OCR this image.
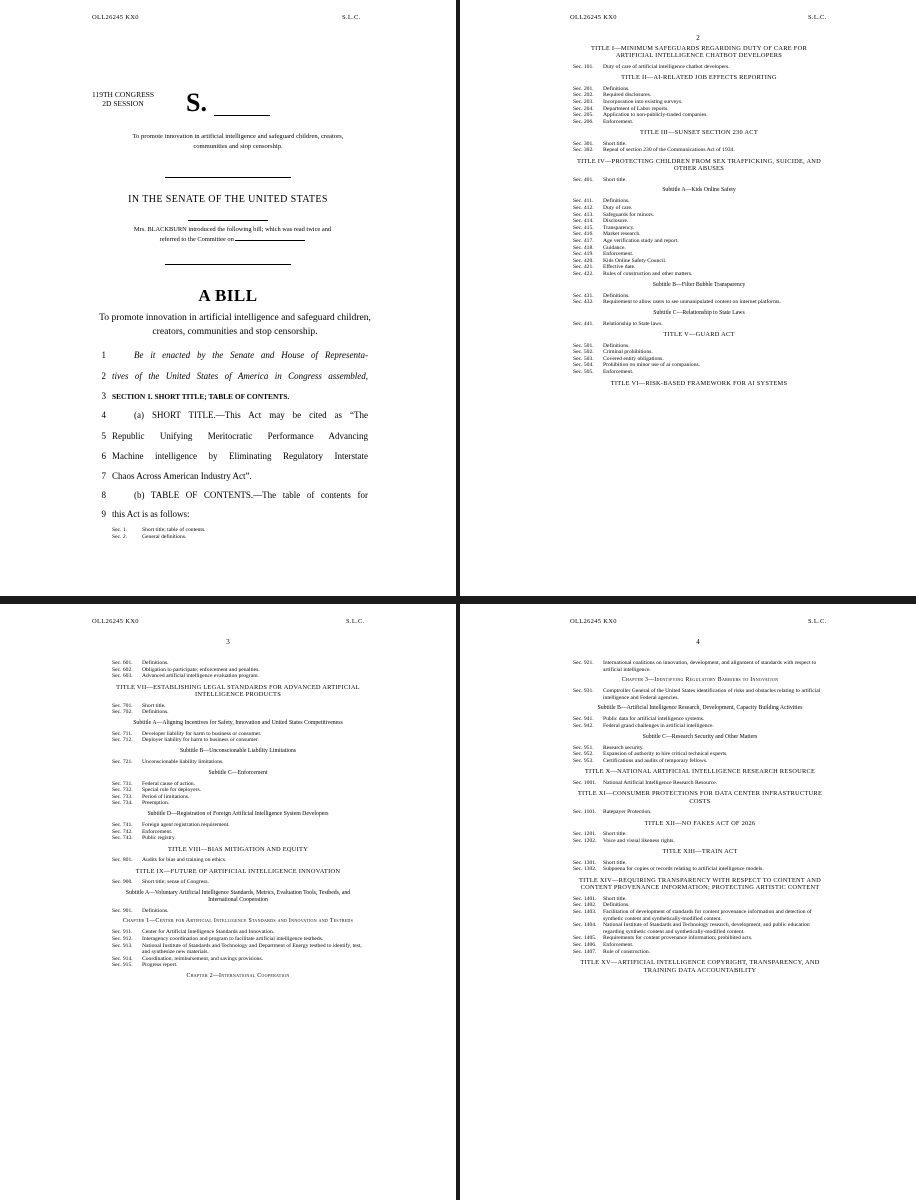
OLL26245 KX0	S.L.C.
119TH CONGRESS
2D SESSION	S.
To promote innovation in artificial intelligence and safeguard children, creators, communities and stop censorship.
IN THE SENATE OF THE UNITED STATES
Mrs. BLACKBURN introduced the following bill; which was read twice and
referred to the Committee on
A BILL
To promote innovation in artificial intelligence and safeguard children, creators, communities and stop censorship.
1	Be it enacted by the Senate and House of Representa-
2 tives of the United States of America in Congress assembled,
3 SECTION 1. SHORT TITLE; TABLE OF CONTENTS.
4	(a) SHORT TITLE.—This Act may be cited as “The
5 Republic Unifying Meritocratic Performance Advancing
6 Machine intelligence by Eliminating Regulatory Interstate
7 Chaos Across American Industry Act”.
8	(b) TABLE OF CONTENTS.—The table of contents for
9 this Act is as follows:
Sec. 1.	Short title; table of contents.
Sec. 2.	General definitions.
OLL26245 KX0	S.L.C.
2
TITLE I—MINIMUM SAFEGUARDS REGARDING DUTY OF CARE FOR ARTIFICIAL INTELLIGENCE CHATBOT DEVELOPERS
Sec. 101.	Duty of care of artificial intelligence chatbot developers.
TITLE II—AI-RELATED JOB EFFECTS REPORTING
Sec. 201.	Definitions.
Sec. 202.	Required disclosures.
Sec. 203.	Incorporation into existing surveys.
Sec. 204.	Department of Labor reports.
Sec. 205.	Application to non-publicly-traded companies.
Sec. 206.	Enforcement.
TITLE III—SUNSET SECTION 230 ACT
Sec. 301.	Short title.
Sec. 302.	Repeal of section 230 of the Communications Act of 1934.
TITLE IV—PROTECTING CHILDREN FROM SEX TRAFFICKING, SUICIDE, AND OTHER ABUSES
Sec. 401.	Short title.
Subtitle A—Kids Online Safety
Sec. 411.	Definitions.
Sec. 412.	Duty of care.
Sec. 413.	Safeguards for minors.
Sec. 414.	Disclosure.
Sec. 415.	Transparency.
Sec. 416.	Market research.
Sec. 417.	Age verification study and report.
Sec. 418.	Guidance.
Sec. 419.	Enforcement.
Sec. 420.	Kids Online Safety Council.
Sec. 421.	Effective date.
Sec. 422.	Rules of construction and other matters.
Subtitle B—Filter Bubble Transparency
Sec. 431.	Definitions.
Sec. 432.	Requirement to allow users to see unmanipulated content on internet platforms.
Subtitle C—Relationship to State Laws
Sec. 441.	Relationship to State laws.
TITLE V—GUARD ACT
Sec. 501.	Definitions.
Sec. 502.	Criminal prohibitions.
Sec. 503.	Covered entity obligations.
Sec. 504.	Prohibition on minor use of ai companions.
Sec. 505.	Enforcement.
TITLE VI—RISK-BASED FRAMEWORK FOR AI SYSTEMS
OLL26245 KX0	S.L.C.
3
Sec. 601.	Definitions.
Sec. 602.	Obligation to participate; enforcement and penalties.
Sec. 603.	Advanced artificial intelligence evaluation program.
TITLE VII—ESTABLISHING LEGAL STANDARDS FOR ADVANCED ARTIFICIAL INTELLIGENCE PRODUCTS
Sec. 701.	Short title.
Sec. 702.	Definitions.
Subtitle A—Aligning Incentives for Safety, Innovation and United States Competitiveness
Sec. 711.	Developer liability for harm to business or consumer.
Sec. 712.	Deployer liability for harm to business or consumer.
Subtitle B—Unconscionable Liability Limitations
Sec. 721.	Unconscionable liability limitations.
Subtitle C—Enforcement
Sec. 731.	Federal cause of action.
Sec. 732.	Special rule for deployers.
Sec. 733.	Period of limitations.
Sec. 734.	Preemption.
Subtitle D—Registration of Foreign Artificial Intelligence System Developers
Sec. 741.	Foreign agent registration requirement.
Sec. 742.	Enforcement.
Sec. 743.	Public registry.
TITLE VIII—BIAS MITIGATION AND EQUITY
Sec. 801.	Audits for bias and training on ethics.
TITLE IX—FUTURE OF ARTIFICIAL INTELLIGENCE INNOVATION
Sec. 900.	Short title; sense of Congress.
Subtitle A—Voluntary Artificial Intelligence Standards, Metrics, Evaluation Tools, Testbeds, and International Cooperation
Sec. 901.	Definitions.
Chapter 1—Center for Artificial Intelligence Standards and Innovation and Testbeds
Sec. 911.	Center for Artificial Intelligence Standards and Innovation.
Sec. 912.	Interagency coordination and program to facilitate artificial intelligence testbeds.
Sec. 913.	National Institute of Standards and Technology and Department of Energy testbed to identify, test, and synthesize new materials.
Sec. 914.	Coordination, reimbursement, and savings provisions.
Sec. 915.	Progress report.
Chapter 2—International Cooperation
OLL26245 KX0	S.L.C.
4
Sec. 921.	International coalitions on innovation, development, and alignment of standards with respect to artificial intelligence.
Chapter 3—Identifying Regulatory Barriers to Innovation
Sec. 931.	Comptroller General of the United States identification of risks and obstacles relating to artificial intelligence and Federal agencies.
Subtitle B—Artificial Intelligence Research, Development, Capacity Building Activities
Sec. 941.	Public data for artificial intelligence systems.
Sec. 942.	Federal grand challenges in artificial intelligence.
Subtitle C—Research Security and Other Matters
Sec. 951.	Research security.
Sec. 952.	Expansion of authority to hire critical technical experts.
Sec. 953.	Certifications and audits of temporary fellows.
TITLE X—NATIONAL ARTIFICIAL INTELLIGENCE RESEARCH RESOURCE
Sec. 1001.	National Artificial Intelligence Research Resource.
TITLE XI—CONSUMER PROTECTIONS FOR DATA CENTER INFRASTRUCTURE COSTS
Sec. 1101.	Ratepayer Protection.
TITLE XII—NO FAKES ACT OF 2026
Sec. 1201.	Short title.
Sec. 1202.	Voice and visual likeness rights.
TITLE XIII—TRAIN ACT
Sec. 1301.	Short title.
Sec. 1302.	Subpoena for copies or records relating to artificial intelligence models.
TITLE XIV—REQUIRING TRANSPARENCY WITH RESPECT TO CONTENT AND CONTENT PROVENANCE INFORMATION; PROTECTING ARTISTIC CONTENT
Sec. 1401.	Short title.
Sec. 1402.	Definitions.
Sec. 1403.	Facilitation of development of standards for content provenance information and detection of synthetic content and synthetically-modified content.
Sec. 1404.	National Institute of Standards and Technology research, development, and public education regarding synthetic content and synthetically-modified content.
Sec. 1405.	Requirements for content provenance information; prohibited acts.
Sec. 1406.	Enforcement.
Sec. 1407.	Rule of construction.
TITLE XV—ARTIFICIAL INTELLIGENCE COPYRIGHT, TRANSPARENCY, AND TRAINING DATA ACCOUNTABILITY
